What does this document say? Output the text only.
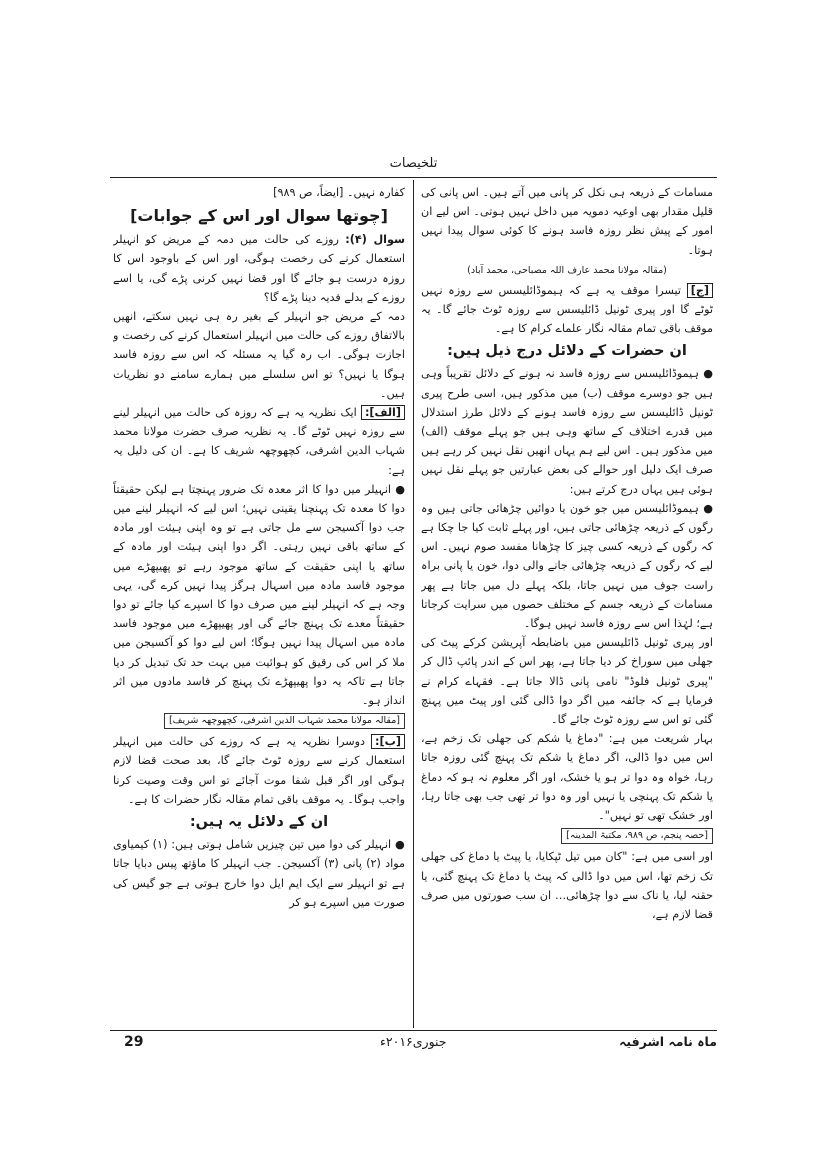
تلخیصات

مسامات کے ذریعہ ہی نکل کر پانی میں آتے ہیں۔ اس پانی کی قلیل مقدار بھی اوعیہ دمویہ میں داخل نہیں ہوتی۔ اس لیے ان امور کے پیش نظر روزہ فاسد ہونے کا کوئی سوال پیدا نہیں ہوتا۔

(مقالہ مولانا محمد عارف اللہ مصباحی، محمد آباد)

[ج] تیسرا موقف یہ ہے کہ ہیموڈائلیسس سے روزہ نہیں ٹوٹے گا اور پیری ٹونیل ڈائلیسس سے روزہ ٹوٹ جائے گا۔ یہ موقف باقی تمام مقالہ نگار علماے کرام کا ہے۔

ان حضرات کے دلائل درج ذیل ہیں:

● ہیموڈائلیسس سے روزہ فاسد نہ ہونے کے دلائل تقریباً وہی ہیں جو دوسرے موقف (ب) میں مذکور ہیں، اسی طرح پیری ٹونیل ڈائلیسس سے روزہ فاسد ہونے کے دلائل طرز استدلال میں قدرے اختلاف کے ساتھ وہی ہیں جو پہلے موقف (الف) میں مذکور ہیں۔ اس لیے ہم یہاں انھیں نقل نہیں کر رہے ہیں صرف ایک دلیل اور حوالے کی بعض عبارتیں جو پہلے نقل نہیں ہوئی ہیں یہاں درج کرتے ہیں:

● ہیموڈائلیسس میں جو خون یا دوائیں چڑھائی جاتی ہیں وہ رگوں کے ذریعہ چڑھائی جاتی ہیں، اور پہلے ثابت کیا جا چکا ہے کہ رگوں کے ذریعہ کسی چیز کا چڑھانا مفسد صوم نہیں۔ اس لیے کہ رگوں کے ذریعہ چڑھائی جانے والی دوا، خون یا پانی براہ راست جوف میں نہیں جاتا، بلکہ پہلے دل میں جاتا ہے پھر مسامات کے ذریعہ جسم کے مختلف حصوں میں سرایت کرجاتا ہے؛ لہٰذا اس سے روزہ فاسد نہیں ہوگا۔

اور پیری ٹونیل ڈائلیسس میں باضابطہ آپریشن کرکے پیٹ کی جھلی میں سوراخ کر دیا جاتا ہے، پھر اس کے اندر پائپ ڈال کر "پیری ٹونیل فلوڈ" نامی پانی ڈالا جاتا ہے۔ فقہاے کرام نے فرمایا ہے کہ جائفہ میں اگر دوا ڈالی گئی اور پیٹ میں پہنچ گئی تو اس سے روزہ ٹوٹ جائے گا۔

بہار شریعت میں ہے: "دماغ یا شکم کی جھلی تک زخم ہے، اس میں دوا ڈالی، اگر دماغ یا شکم تک پہنچ گئی روزہ جاتا رہا، خواہ وہ دوا تر ہو یا خشک، اور اگر معلوم نہ ہو کہ دماغ یا شکم تک پہنچی یا نہیں اور وہ دوا تر تھی جب بھی جاتا رہا، اور خشک تھی تو نہیں"۔

[حصہ پنجم، ص ۹۸۹، مکتبۃ المدینہ]

اور اسی میں ہے: "کان میں تیل ٹپکایا، یا پیٹ یا دماغ کی جھلی تک زخم تھا، اس میں دوا ڈالی کہ پیٹ یا دماغ تک پہنچ گئی، یا حقنہ لیا، یا ناک سے دوا چڑھائی… ان سب صورتوں میں صرف قضا لازم ہے،

کفارہ نہیں۔ [ایضاً، ص ۹۸۹]

[چوتھا سوال اور اس کے جوابات]

سوال (۴): روزے کی حالت میں دمہ کے مریض کو انہیلر استعمال کرنے کی رخصت ہوگی، اور اس کے باوجود اس کا روزہ درست ہو جائے گا اور قضا نہیں کرنی پڑے گی، یا اسے روزے کے بدلے فدیہ دینا پڑے گا؟

دمہ کے مریض جو انہیلر کے بغیر رہ ہی نہیں سکتے، انھیں بالاتفاق روزے کی حالت میں انہیلر استعمال کرنے کی رخصت و اجازت ہوگی۔ اب رہ گیا یہ مسئلہ کہ اس سے روزہ فاسد ہوگا یا نہیں؟ تو اس سلسلے میں ہمارے سامنے دو نظریات ہیں۔

[الف]: ایک نظریہ یہ ہے کہ روزہ کی حالت میں انہیلر لینے سے روزہ نہیں ٹوٹے گا۔ یہ نظریہ صرف حضرت مولانا محمد شہاب الدین اشرفی، کچھوچھہ شریف کا ہے۔ ان کی دلیل یہ ہے:

● انہیلر میں دوا کا اثر معدہ تک ضرور پہنچتا ہے لیکن حقیقتاً دوا کا معدہ تک پہنچنا یقینی نہیں؛ اس لیے کہ انہیلر لینے میں جب دوا آکسیجن سے مل جاتی ہے تو وہ اپنی ہیئت اور مادہ کے ساتھ باقی نہیں رہتی۔ اگر دوا اپنی ہیئت اور مادہ کے ساتھ یا اپنی حقیقت کے ساتھ موجود رہے تو پھیپھڑے میں موجود فاسد مادہ میں اسہال ہرگز پیدا نہیں کرے گی، یہی وجہ ہے کہ انہیلر لینے میں صرف دوا کا اسپرے کیا جائے تو دوا حقیقتاً معدے تک پہنچ جائے گی اور پھیپھڑے میں موجود فاسد مادہ میں اسہال پیدا نہیں ہوگا؛ اس لیے دوا کو آکسیجن میں ملا کر اس کی رقیق کو ہوائیت میں بہت حد تک تبدیل کر دیا جاتا ہے تاکہ یہ دوا پھیپھڑے تک پہنچ کر فاسد مادوں میں اثر انداز ہو۔

[مقالہ مولانا محمد شہاب الدین اشرفی، کچھوچھہ شریف]

[ب]: دوسرا نظریہ یہ ہے کہ روزے کی حالت میں انہیلر استعمال کرنے سے روزہ ٹوٹ جائے گا، بعد صحت قضا لازم ہوگی اور اگر قبل شفا موت آجائے تو اس وقت وصیت کرنا واجب ہوگا۔ یہ موقف باقی تمام مقالہ نگار حضرات کا ہے۔

ان کے دلائل یہ ہیں:

● انہیلر کی دوا میں تین چیزیں شامل ہوتی ہیں: (۱) کیمیاوی مواد (۲) پانی (۳) آکسیجن۔ جب انہیلر کا ماؤتھ پیس دبایا جاتا ہے تو انہیلر سے ایک ایم ایل دوا خارج ہوتی ہے جو گیس کی صورت میں اسپرے ہو کر

ماہ نامہ اشرفیہ
جنوری۲۰۱۶ء
29
